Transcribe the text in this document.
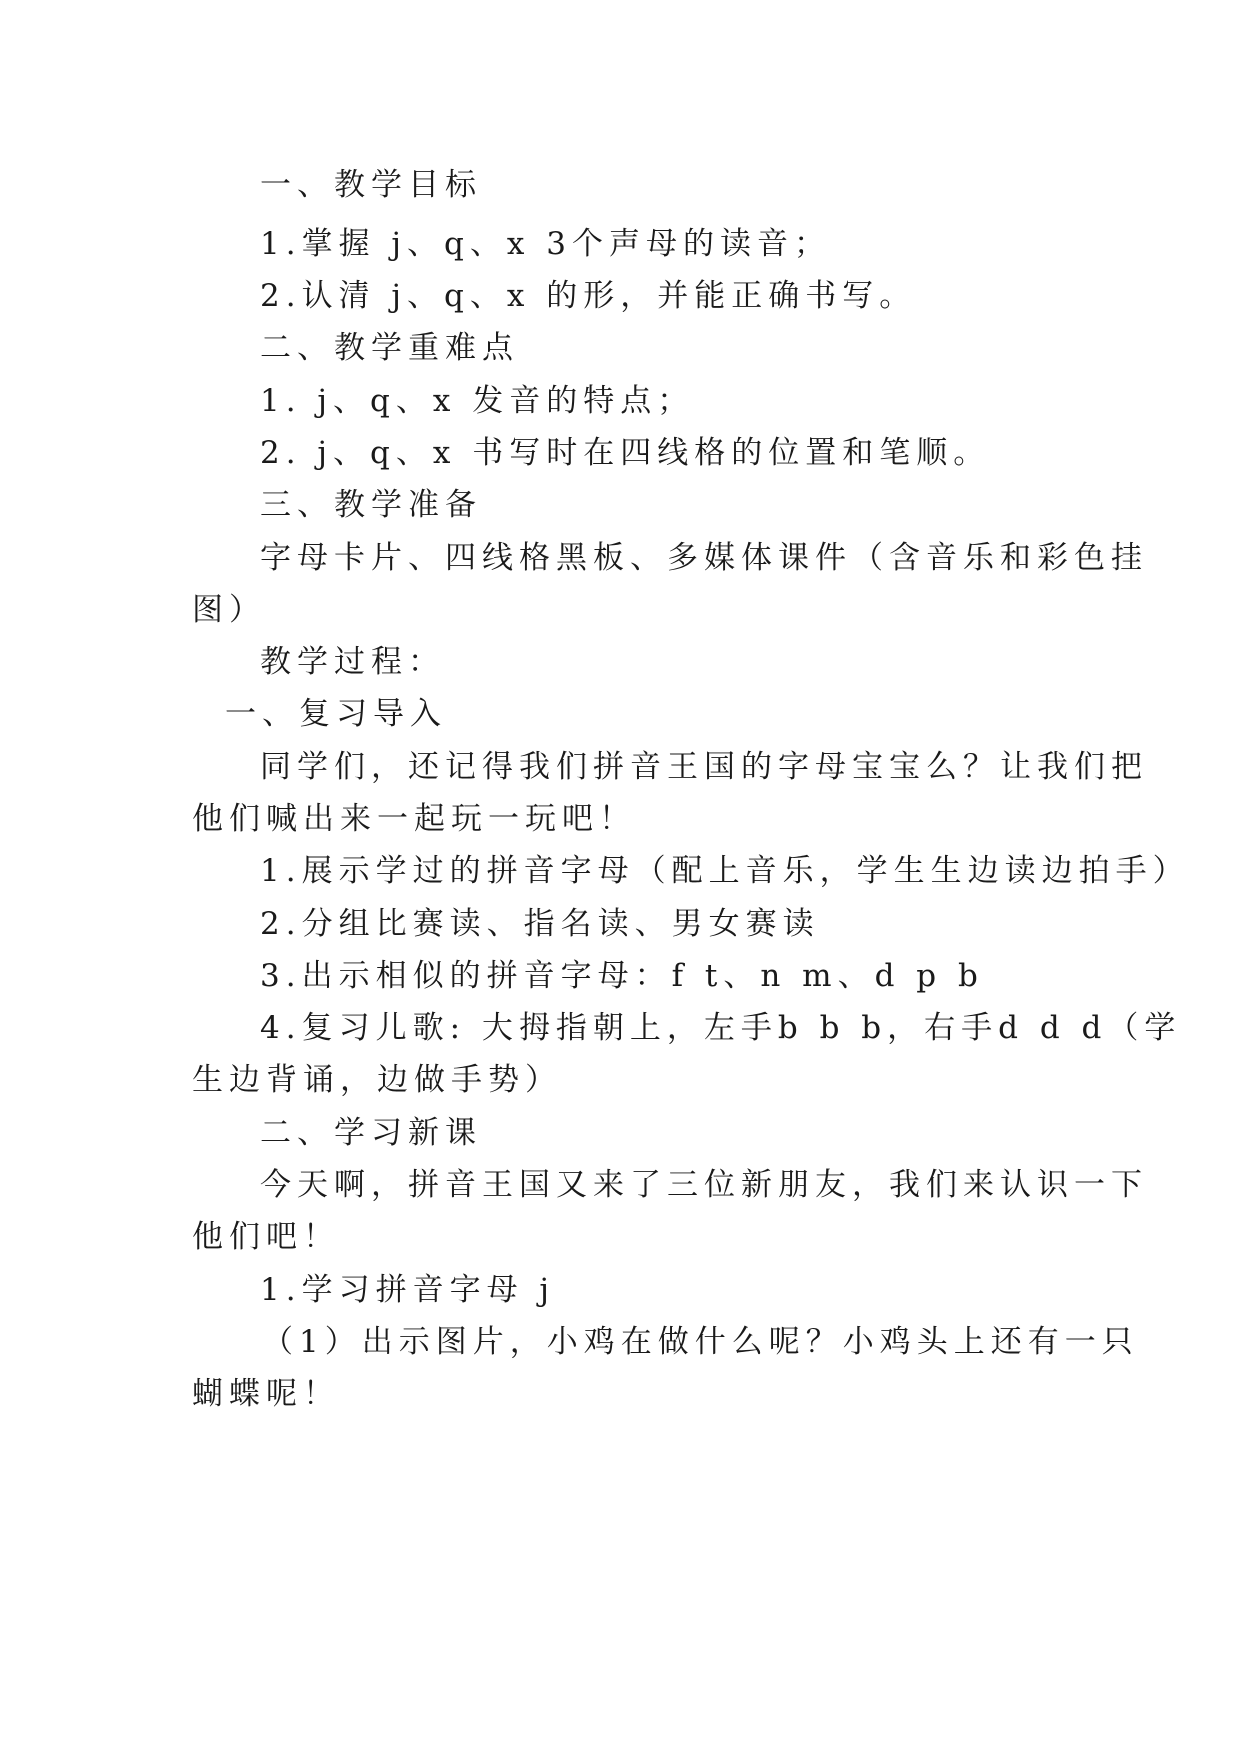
一、教学目标
1.掌握 j、q、x 3个声母的读音；
2.认清 j、q、x 的形，并能正确书写。
二、教学重难点
1. j、q、x 发音的特点；
2. j、q、x 书写时在四线格的位置和笔顺。
三、教学准备
字母卡片、四线格黑板、多媒体课件（含音乐和彩色挂
图）
教学过程：
一、复习导入
同学们，还记得我们拼音王国的字母宝宝么？让我们把
他们喊出来一起玩一玩吧！
1.展示学过的拼音字母（配上音乐，学生生边读边拍手）
2.分组比赛读、指名读、男女赛读
3.出示相似的拼音字母：f t、n m、d p b
4.复习儿歌: 大拇指朝上，左手b b b，右手d d d（学
生边背诵，边做手势）
二、学习新课
今天啊，拼音王国又来了三位新朋友，我们来认识一下
他们吧！
1.学习拼音字母 j
（1）出示图片，小鸡在做什么呢？小鸡头上还有一只
蝴蝶呢！
